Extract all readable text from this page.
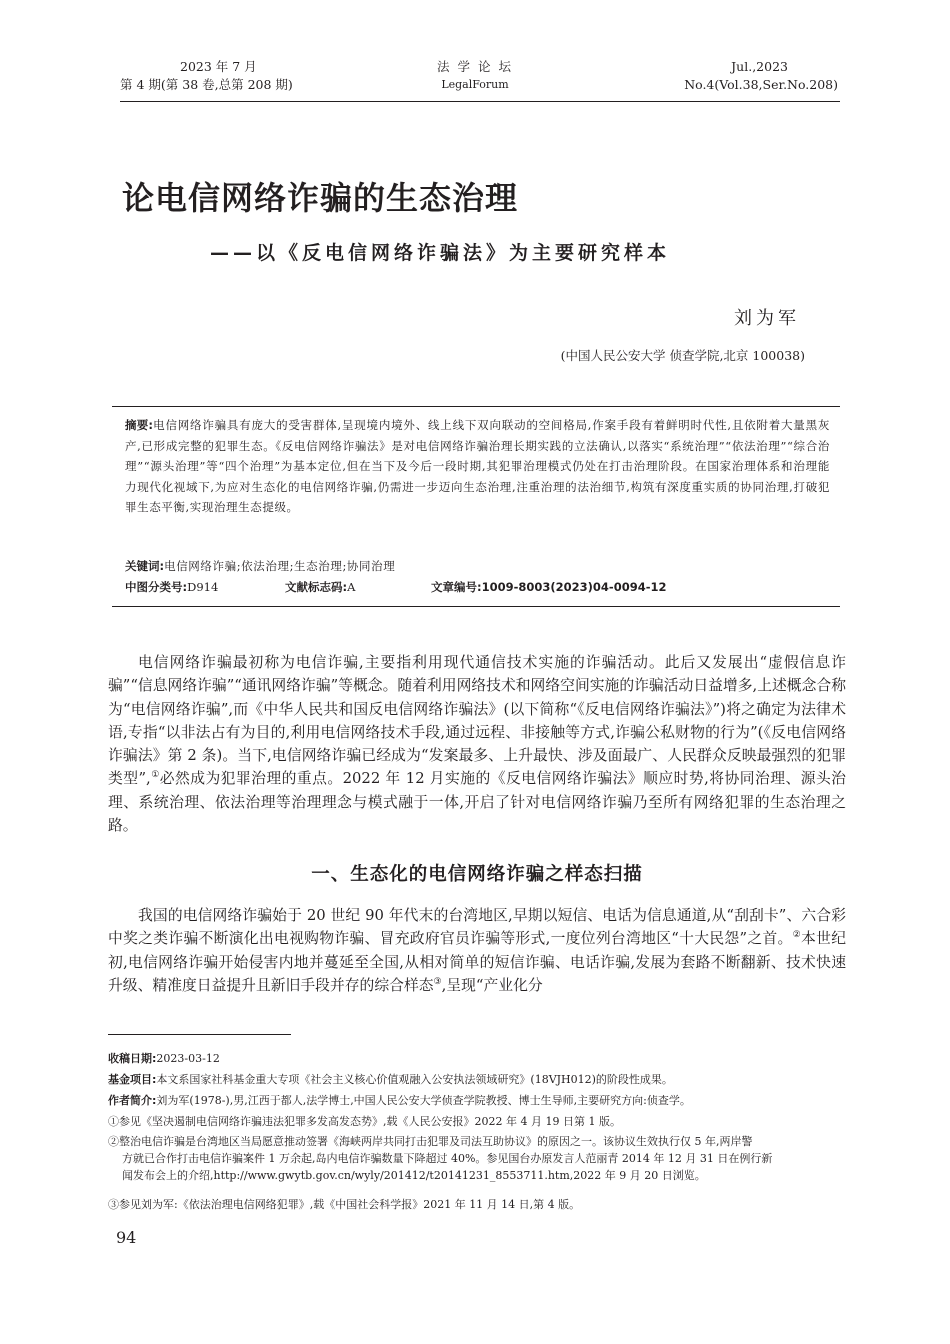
2023 年 7 月
第 4 期(第 38 卷,总第 208 期)
法 学 论 坛
LegalForum
Jul.,2023
No.4(Vol.38,Ser.No.208)
论电信网络诈骗的生态治理
——以《反电信网络诈骗法》为主要研究样本
刘为军
(中国人民公安大学 侦查学院,北京 100038)
摘要:电信网络诈骗具有庞大的受害群体,呈现境内境外、线上线下双向联动的空间格局,作案手段有着鲜明时代性,且依附着大量黑灰产,已形成完整的犯罪生态。《反电信网络诈骗法》是对电信网络诈骗治理长期实践的立法确认,以落实“系统治理”“依法治理”“综合治理”“源头治理”等“四个治理”为基本定位,但在当下及今后一段时期,其犯罪治理模式仍处在打击治理阶段。在国家治理体系和治理能力现代化视域下,为应对生态化的电信网络诈骗,仍需进一步迈向生态治理,注重治理的法治细节,构筑有深度重实质的协同治理,打破犯罪生态平衡,实现治理生态提级。
关键词:电信网络诈骗;依法治理;生态治理;协同治理
中图分类号:D914	文献标志码:A	文章编号:1009-8003(2023)04-0094-12
电信网络诈骗最初称为电信诈骗,主要指利用现代通信技术实施的诈骗活动。此后又发展出“虚假信息诈骗”“信息网络诈骗”“通讯网络诈骗”等概念。随着利用网络技术和网络空间实施的诈骗活动日益增多,上述概念合称为“电信网络诈骗”,而《中华人民共和国反电信网络诈骗法》(以下简称“《反电信网络诈骗法》”)将之确定为法律术语,专指“以非法占有为目的,利用电信网络技术手段,通过远程、非接触等方式,诈骗公私财物的行为”(《反电信网络诈骗法》第 2 条)。当下,电信网络诈骗已经成为“发案最多、上升最快、涉及面最广、人民群众反映最强烈的犯罪类型”,①必然成为犯罪治理的重点。2022 年 12 月实施的《反电信网络诈骗法》顺应时势,将协同治理、源头治理、系统治理、依法治理等治理理念与模式融于一体,开启了针对电信网络诈骗乃至所有网络犯罪的生态治理之路。
一、生态化的电信网络诈骗之样态扫描
我国的电信网络诈骗始于 20 世纪 90 年代末的台湾地区,早期以短信、电话为信息通道,从“刮刮卡”、六合彩中奖之类诈骗不断演化出电视购物诈骗、冒充政府官员诈骗等形式,一度位列台湾地区“十大民怨”之首。②本世纪初,电信网络诈骗开始侵害内地并蔓延至全国,从相对简单的短信诈骗、电话诈骗,发展为套路不断翻新、技术快速升级、精准度日益提升且新旧手段并存的综合样态③,呈现“产业化分
收稿日期:2023-03-12
基金项目:本文系国家社科基金重大专项《社会主义核心价值观融入公安执法领域研究》(18VJH012)的阶段性成果。
作者简介:刘为军(1978-),男,江西于都人,法学博士,中国人民公安大学侦查学院教授、博士生导师,主要研究方向:侦查学。
①参见《坚决遏制电信网络诈骗违法犯罪多发高发态势》,载《人民公安报》2022 年 4 月 19 日第 1 版。
②整治电信诈骗是台湾地区当局愿意推动签署《海峡两岸共同打击犯罪及司法互助协议》的原因之一。该协议生效执行仅 5 年,两岸警
方就已合作打击电信诈骗案件 1 万余起,岛内电信诈骗数量下降超过 40%。参见国台办原发言人范丽青 2014 年 12 月 31 日在例行新
闻发布会上的介绍,http://www.gwytb.gov.cn/wyly/201412/t20141231_8553711.htm,2022 年 9 月 20 日浏览。
③参见刘为军:《依法治理电信网络犯罪》,载《中国社会科学报》2021 年 11 月 14 日,第 4 版。
94
